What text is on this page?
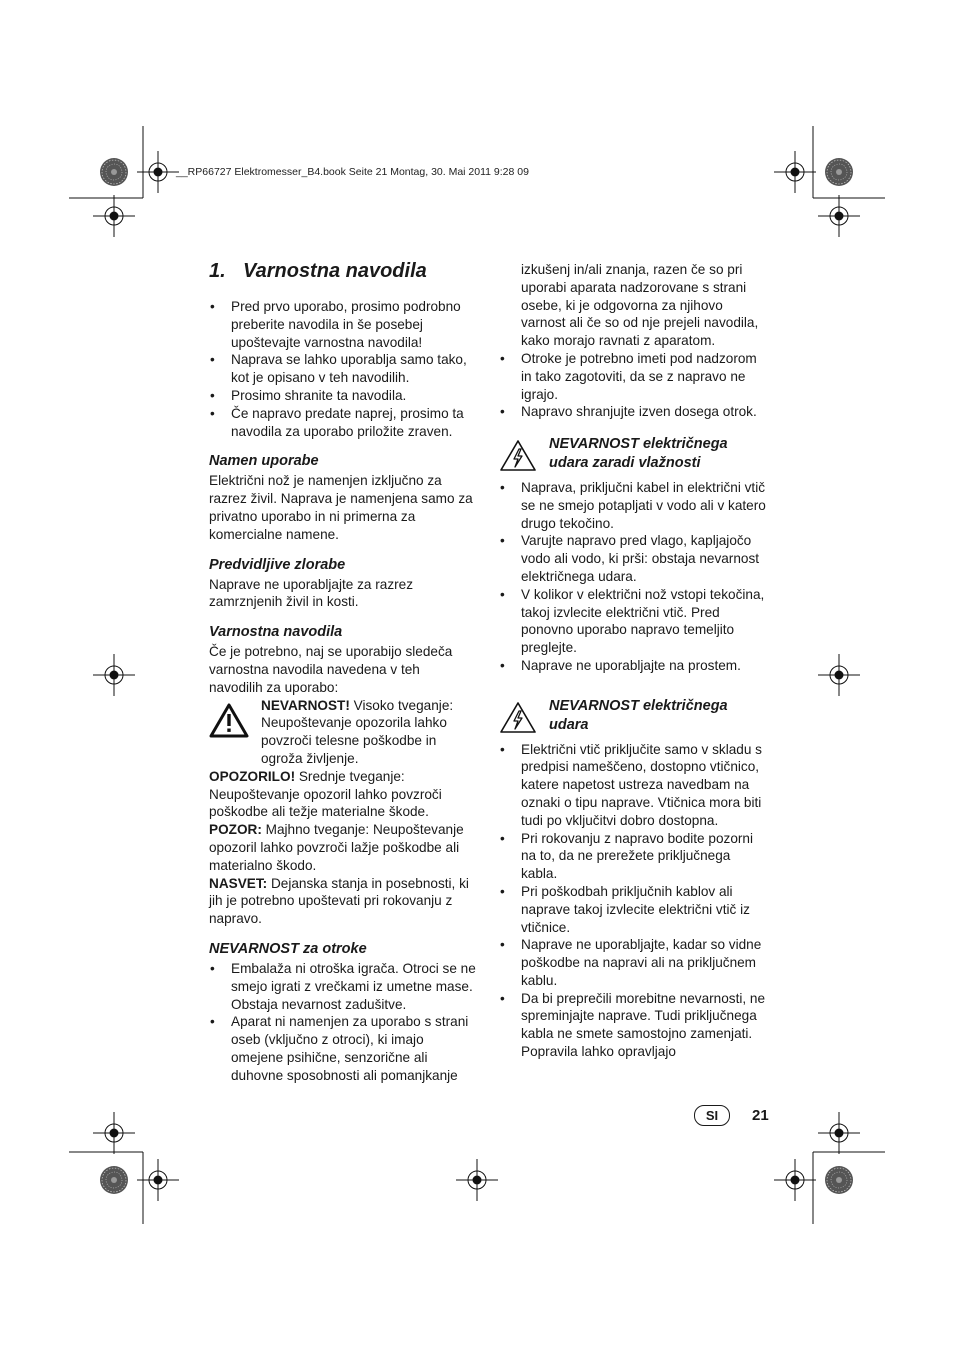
__RP66727 Elektromesser_B4.book Seite 21 Montag, 30. Mai 2011 9:28 09
1. Varnostna navodila
• Pred prvo uporabo, prosimo podrobno preberite navodila in še posebej upoštevajte varnostna navodila!
• Naprava se lahko uporablja samo tako, kot je opisano v teh navodilih.
• Prosimo shranite ta navodila.
• Če napravo predate naprej, prosimo ta navodila za uporabo priložite zraven.
Namen uporabe

Električni nož je namenjen izključno za razrez živil. Naprava je namenjena samo za privatno uporabo in ni primerna za komercialne namene.

Predvidljive zlorabe

Naprave ne uporabljajte za razrez zamrznjenih živil in kosti.

Varnostna navodila

Če je potrebno, naj se uporabijo sledeča varnostna navodila navedena v teh navodilih za uporabo:

NEVARNOST! Visoko tveganje: Neupoštevanje opozorila lahko povzroči telesne poškodbe in ogroža življenje.

OPOZORILO! Srednje tveganje: Neupoštevanje opozoril lahko povzroči poškodbe ali težje materialne škode.

POZOR: Majhno tveganje: Neupoštevanje opozoril lahko povzroči lažje poškodbe ali materialno škodo.

NASVET: Dejanska stanja in posebnosti, ki jih je potrebno upoštevati pri rokovanju z napravo.

NEVARNOST za otroke
• Embalaža ni otroška igrača. Otroci se ne smejo igrati z vrečkami iz umetne mase. Obstaja nevarnost zadušitve.
• Aparat ni namenjen za uporabo s strani oseb (vključno z otroci), ki imajo omejene psihične, senzorične ali duhovne sposobnosti ali pomanjkanje

izkušenj in/ali znanja, razen če so pri uporabi aparata nadzorovane s strani osebe, ki je odgovorna za njihovo varnost ali če so od nje prejeli navodila, kako morajo ravnati z aparatom.

• Otroke je potrebno imeti pod nadzorom in tako zagotoviti, da se z napravo ne igrajo.
• Napravo shranjujte izven dosega otrok.
NEVARNOST električnega udara zaradi vlažnosti
• Naprava, priključni kabel in električni vtič se ne smejo potapljati v vodo ali v katero drugo tekočino.
• Varujte napravo pred vlago, kapljajočo vodo ali vodo, ki prši: obstaja nevarnost električnega udara.
• V kolikor v električni nož vstopi tekočina, takoj izvlecite električni vtič. Pred ponovno uporabo napravo temeljito preglejte.
• Naprave ne uporabljajte na prostem.
NEVARNOST električnega udara
• Električni vtič priključite samo v skladu s predpisi nameščeno, dostopno vtičnico, katere napetost ustreza navedbam na oznaki o tipu naprave. Vtičnica mora biti tudi po vključitvi dobro dostopna.
• Pri rokovanju z napravo bodite pozorni na to, da ne prerežete priključnega kabla.
• Pri poškodbah priključnih kablov ali naprave takoj izvlecite električni vtič iz vtičnice.
• Naprave ne uporabljajte, kadar so vidne poškodbe na napravi ali na priključnem kablu.
• Da bi preprečili morebitne nevarnosti, ne spreminjajte naprave. Tudi priključnega kabla ne smete samostojno zamenjati. Popravila lahko opravljajo
SI	21
